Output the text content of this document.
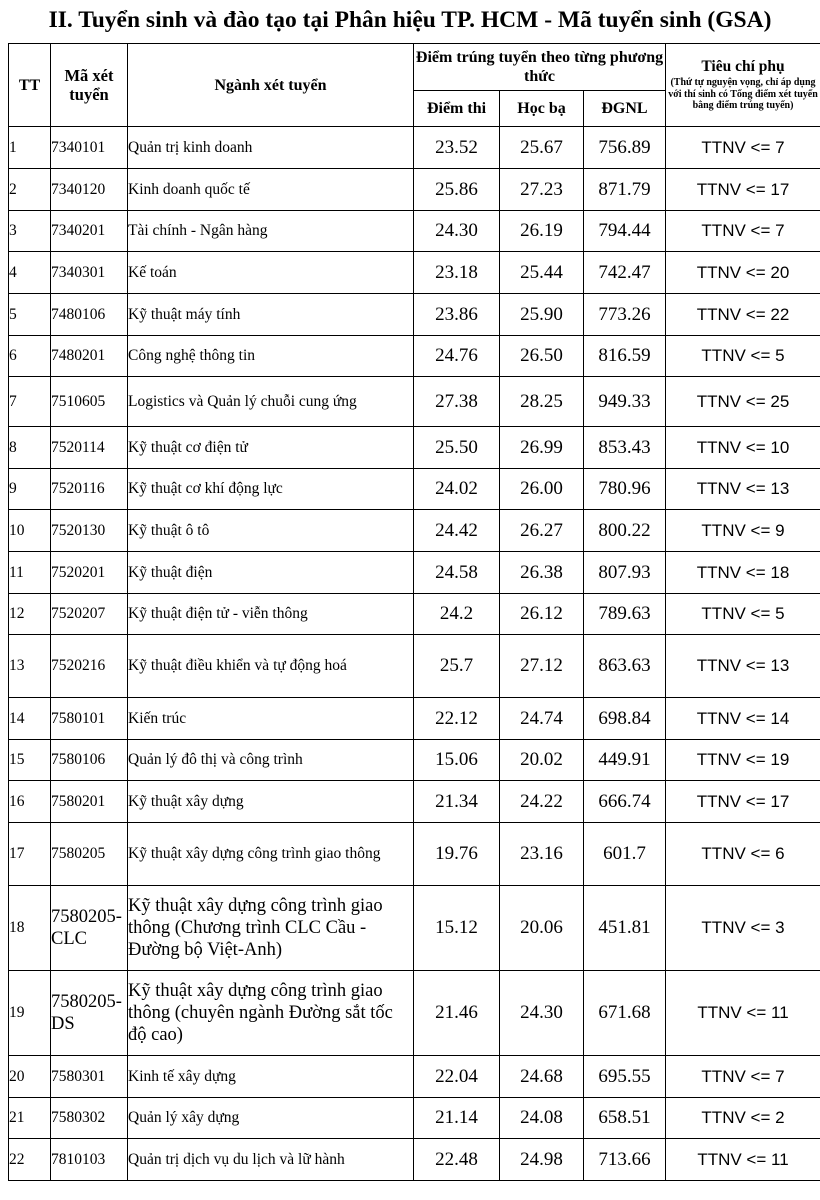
II. Tuyển sinh và đào tạo tại Phân hiệu TP. HCM - Mã tuyển sinh (GSA)
TT	Mã xét tuyển	Ngành xét tuyển	Điểm trúng tuyển theo từng phương thức			Tiêu chí phụ
(Thứ tự nguyện vọng, chỉ áp dụng với thí sinh có Tổng điểm xét tuyển bằng điểm trúng tuyển)

			Điểm thi	Học bạ	ĐGNL	
1	7340101	Quản trị kinh doanh	23.52	25.67	756.89	TTNV <= 7
2	7340120	Kinh doanh quốc tế	25.86	27.23	871.79	TTNV <= 17
3	7340201	Tài chính - Ngân hàng	24.30	26.19	794.44	TTNV <= 7
4	7340301	Kế toán	23.18	25.44	742.47	TTNV <= 20
5	7480106	Kỹ thuật máy tính	23.86	25.90	773.26	TTNV <= 22
6	7480201	Công nghệ thông tin	24.76	26.50	816.59	TTNV <= 5
7	7510605	Logistics và Quản lý chuỗi cung ứng	27.38	28.25	949.33	TTNV <= 25
8	7520114	Kỹ thuật cơ điện tử	25.50	26.99	853.43	TTNV <= 10
9	7520116	Kỹ thuật cơ khí động lực	24.02	26.00	780.96	TTNV <= 13
10	7520130	Kỹ thuật ô tô	24.42	26.27	800.22	TTNV <= 9
11	7520201	Kỹ thuật điện	24.58	26.38	807.93	TTNV <= 18
12	7520207	Kỹ thuật điện tử - viễn thông	24.2	26.12	789.63	TTNV <= 5
13	7520216	Kỹ thuật điều khiển và tự động hoá	25.7	27.12	863.63	TTNV <= 13
14	7580101	Kiến trúc	22.12	24.74	698.84	TTNV <= 14
15	7580106	Quản lý đô thị và công trình	15.06	20.02	449.91	TTNV <= 19
16	7580201	Kỹ thuật xây dựng	21.34	24.22	666.74	TTNV <= 17
17	7580205	Kỹ thuật xây dựng công trình giao thông	19.76	23.16	601.7	TTNV <= 6
18	7580205-CLC	Kỹ thuật xây dựng công trình giao thông (Chương trình CLC Cầu - Đường bộ Việt-Anh)	15.12	20.06	451.81	TTNV <= 3
19	7580205-DS	Kỹ thuật xây dựng công trình giao thông (chuyên ngành Đường sắt tốc độ cao)	21.46	24.30	671.68	TTNV <= 11
20	7580301	Kinh tế xây dựng	22.04	24.68	695.55	TTNV <= 7
21	7580302	Quản lý xây dựng	21.14	24.08	658.51	TTNV <= 2
22	7810103	Quản trị dịch vụ du lịch và lữ hành	22.48	24.98	713.66	TTNV <= 11
